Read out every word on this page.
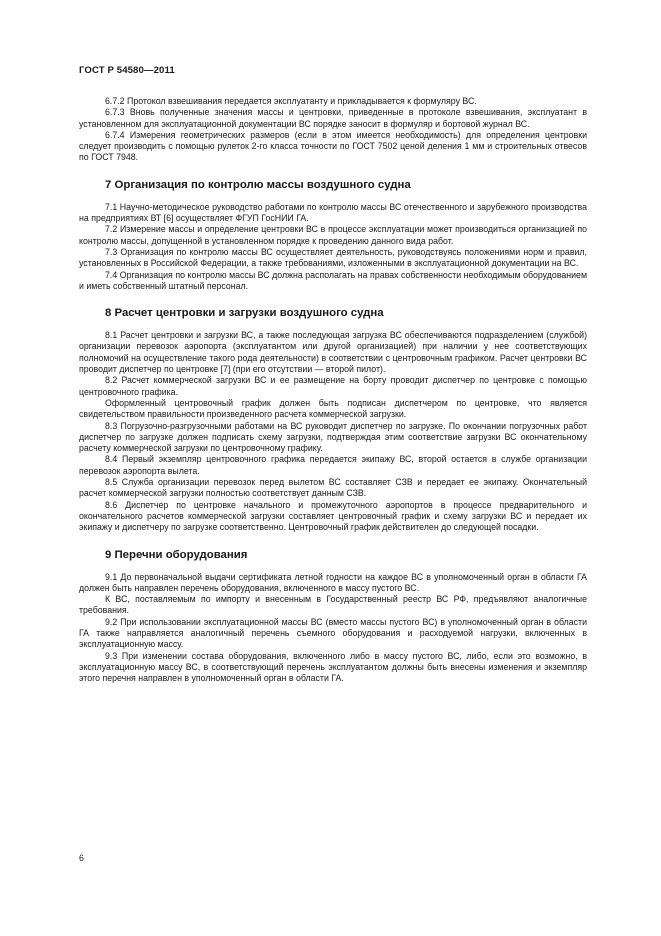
ГОСТ Р 54580—2011

6.7.2 Протокол взвешивания передается эксплуатанту и прикладывается к формуляру ВС.

6.7.3 Вновь полученные значения массы и центровки, приведенные в протоколе взвешивания, эксплуатант в установленном для эксплуатационной документации ВС порядке заносит в формуляр и бортовой журнал ВС.

6.7.4 Измерения геометрических размеров (если в этом имеется необходимость) для определения центровки следует производить с помощью рулеток 2-го класса точности по ГОСТ 7502 ценой деления 1 мм и строительных отвесов по ГОСТ 7948.

7 Организация по контролю массы воздушного судна

7.1 Научно-методическое руководство работами по контролю массы ВС отечественного и зарубежного производства на предприятиях ВТ [6] осуществляет ФГУП ГосНИИ ГА.

7.2 Измерение массы и определение центровки ВС в процессе эксплуатации может производиться организацией по контролю массы, допущенной в установленном порядке к проведению данного вида работ.

7.3 Организация по контролю массы ВС осуществляет деятельность, руководствуясь положениями норм и правил, установленных в Российской Федерации, а также требованиями, изложенными в эксплуатационной документации на ВС.

7.4 Организация по контролю массы ВС должна располагать на правах собственности необходимым оборудованием и иметь собственный штатный персонал.

8 Расчет центровки и загрузки воздушного судна

8.1 Расчет центровки и загрузки ВС, а также последующая загрузка ВС обеспечиваются подразделением (службой) организации перевозок аэропорта (эксплуатантом или другой организацией) при наличии у нее соответствующих полномочий на осуществление такого рода деятельности) в соответствии с центровочным графиком. Расчет центровки ВС проводит диспетчер по центровке [7] (при его отсутствии — второй пилот).

8.2 Расчет коммерческой загрузки ВС и ее размещение на борту проводит диспетчер по центровке с помощью центровочного графика.

Оформленный центровочный график должен быть подписан диспетчером по центровке, что является свидетельством правильности произведенного расчета коммерческой загрузки.

8.3 Погрузочно-разгрузочными работами на ВС руководит диспетчер по загрузке. По окончании погрузочных работ диспетчер по загрузке должен подписать схему загрузки, подтверждая этим соответствие загрузки ВС окончательному расчету коммерческой загрузки по центровочному графику.

8.4 Первый экземпляр центровочного графика передается экипажу ВС, второй остается в службе организации перевозок аэропорта вылета.

8.5 Служба организации перевозок перед вылетом ВС составляет СЗВ и передает ее экипажу. Окончательный расчет коммерческой загрузки полностью соответствует данным СЗВ.

8.6 Диспетчер по центровке начального и промежуточного аэропортов в процессе предварительного и окончательного расчетов коммерческой загрузки составляет центровочный график и схему загрузки ВС и передает их экипажу и диспетчеру по загрузке соответственно. Центровочный график действителен до следующей посадки.

9 Перечни оборудования

9.1 До первоначальной выдачи сертификата летной годности на каждое ВС в уполномоченный орган в области ГА должен быть направлен перечень оборудования, включенного в массу пустого ВС.

К ВС, поставляемым по импорту и внесенным в Государственный реестр ВС РФ, предъявляют аналогичные требования.

9.2 При использовании эксплуатационной массы ВС (вместо массы пустого ВС) в уполномоченный орган в области ГА также направляется аналогичный перечень съемного оборудования и расходуемой нагрузки, включенных в эксплуатационную массу.

9.3 При изменении состава оборудования, включенного либо в массу пустого ВС, либо, если это возможно, в эксплуатационную массу ВС, в соответствующий перечень эксплуатантом должны быть внесены изменения и экземпляр этого перечня направлен в уполномоченный орган в области ГА.

6
